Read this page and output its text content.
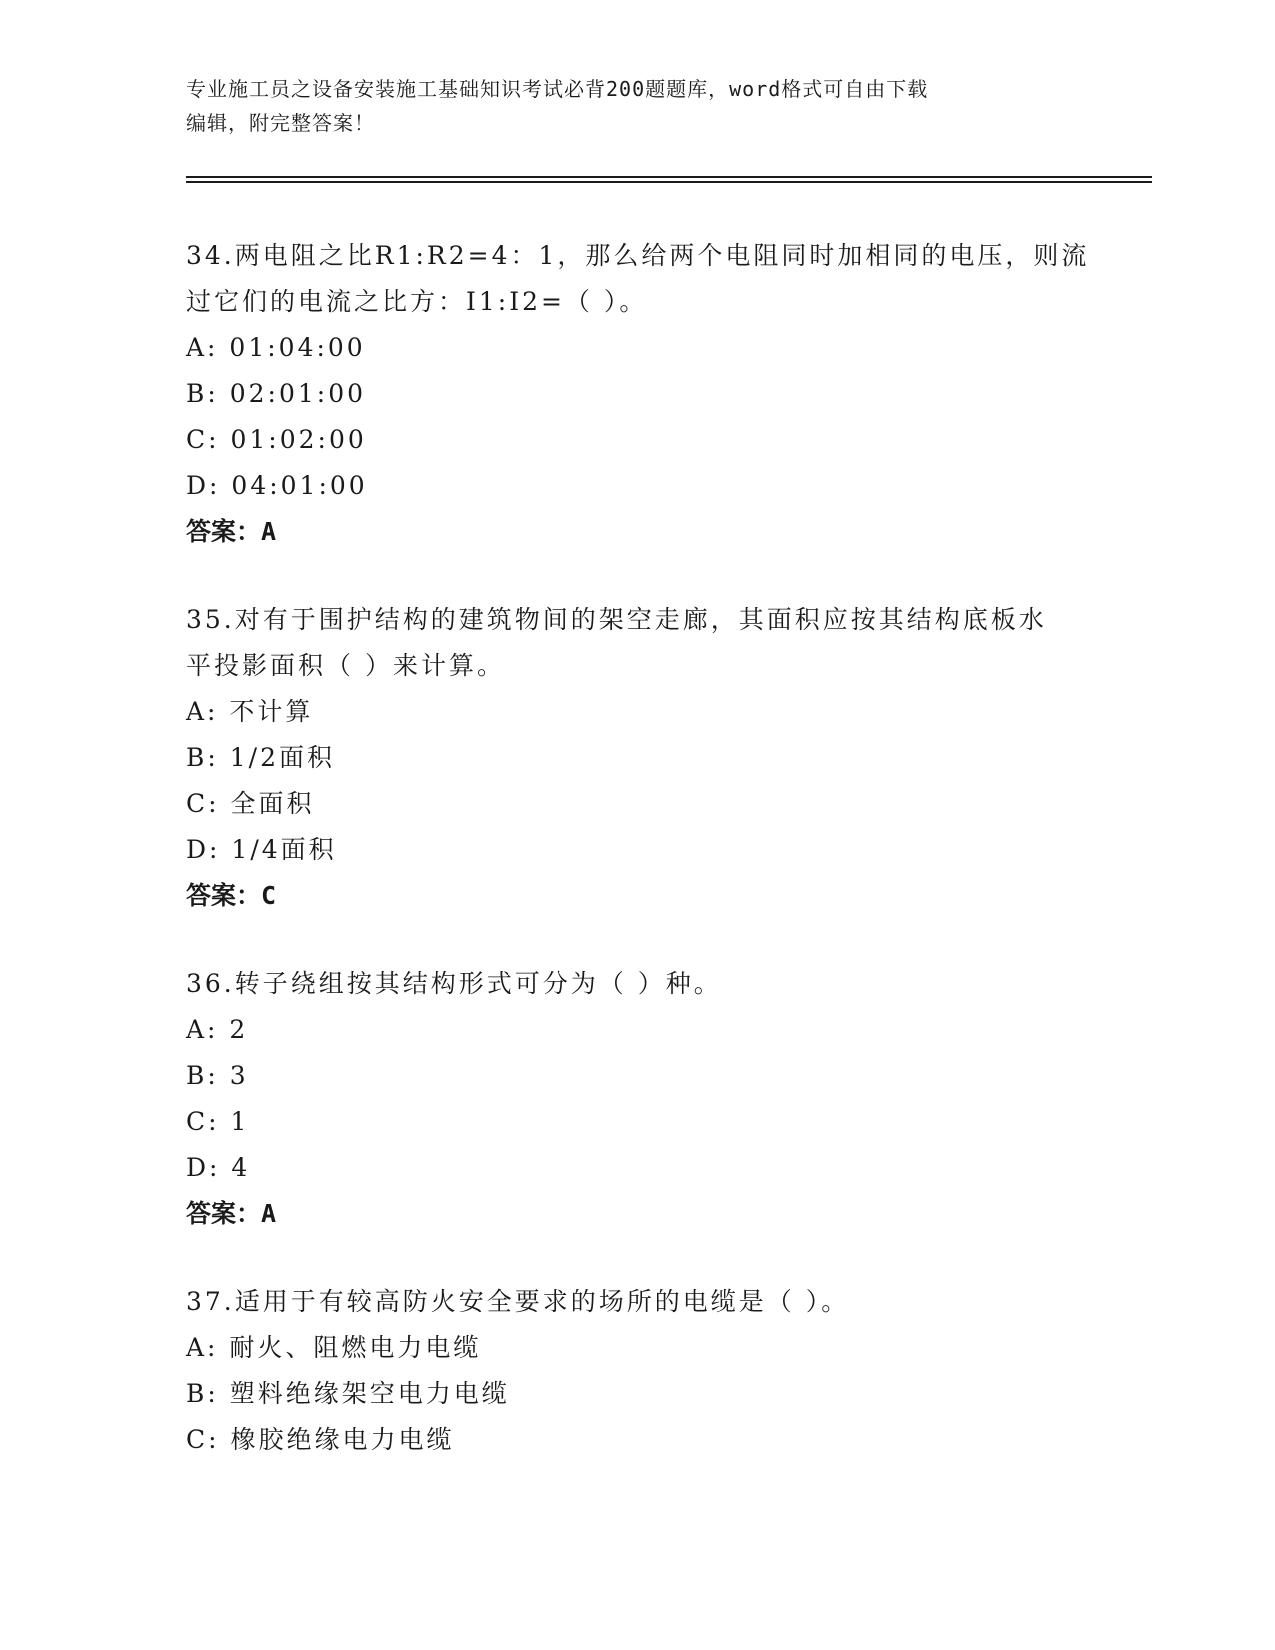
专业施工员之设备安装施工基础知识考试必背200题题库，word格式可自由下载
编辑，附完整答案！
34.两电阻之比R1:R2=4：1，那么给两个电阻同时加相同的电压，则流
过它们的电流之比方：I1:I2=（ ）。
A: 01:04:00
B: 02:01:00
C: 01:02:00
D: 04:01:00
答案：A
35.对有于围护结构的建筑物间的架空走廊，其面积应按其结构底板水
平投影面积（ ）来计算。
A: 不计算
B: 1/2面积
C: 全面积
D: 1/4面积
答案：C
36.转子绕组按其结构形式可分为（ ）种。
A: 2
B: 3
C: 1
D: 4
答案：A
37.适用于有较高防火安全要求的场所的电缆是（ ）。
A: 耐火、阻燃电力电缆
B: 塑料绝缘架空电力电缆
C: 橡胶绝缘电力电缆
